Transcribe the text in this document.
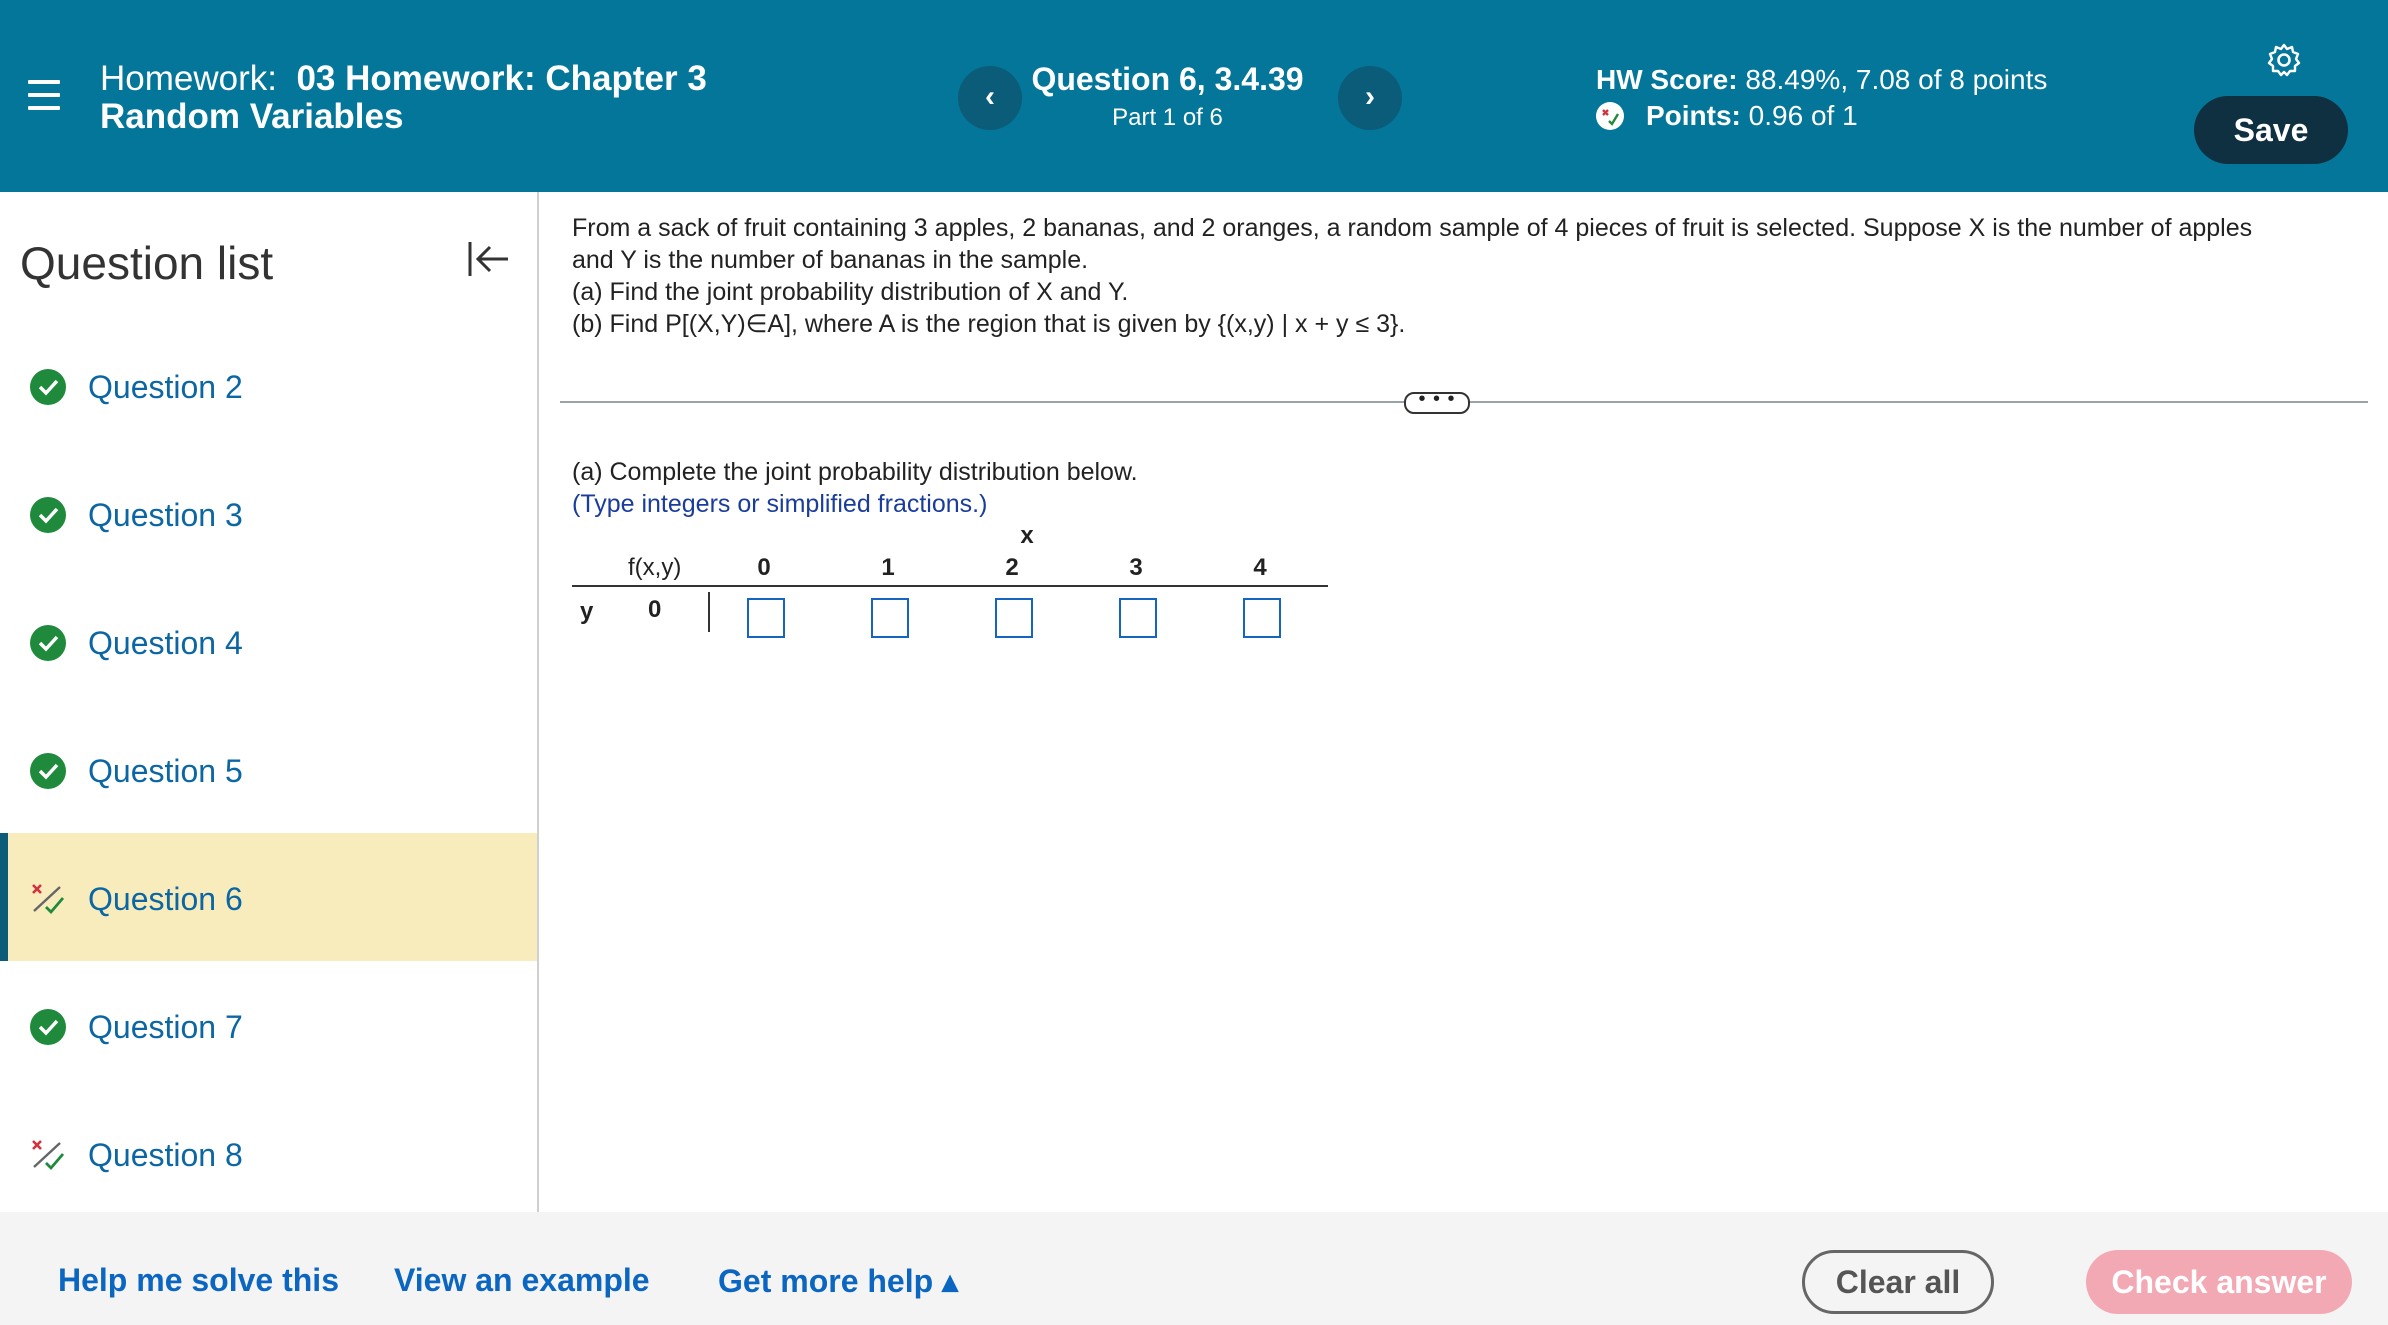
Homework: 03 Homework: Chapter 3
Random Variables
‹	Question 6, 3.4.39
Part 1 of 6
›
HW Score: 88.49%, 7.08 of 8 points
Points:
0.96 of 1	Save
Question list
Question 2
Question 3
Question 4
Question 5
Question 6
Question 7
Question 8
From a sack of fruit containing 3 apples, 2 bananas, and 2 oranges, a random sample of 4 pieces of fruit is selected. Suppose X is the number of apples
and Y is the number of bananas in the sample.
(a) Find the joint probability distribution of X and Y.
(b) Find P[(X,Y)∈A], where A is the region that is given by {(x,y) | x + y ≤ 3}.
• • •
(a) Complete the joint probability distribution below.
(Type integers or simplified fractions.)
x
f(x,y)	0	1	2	3	4
y 0
Help me solve this View an example Get more help ▴	Clear all	Check answer
